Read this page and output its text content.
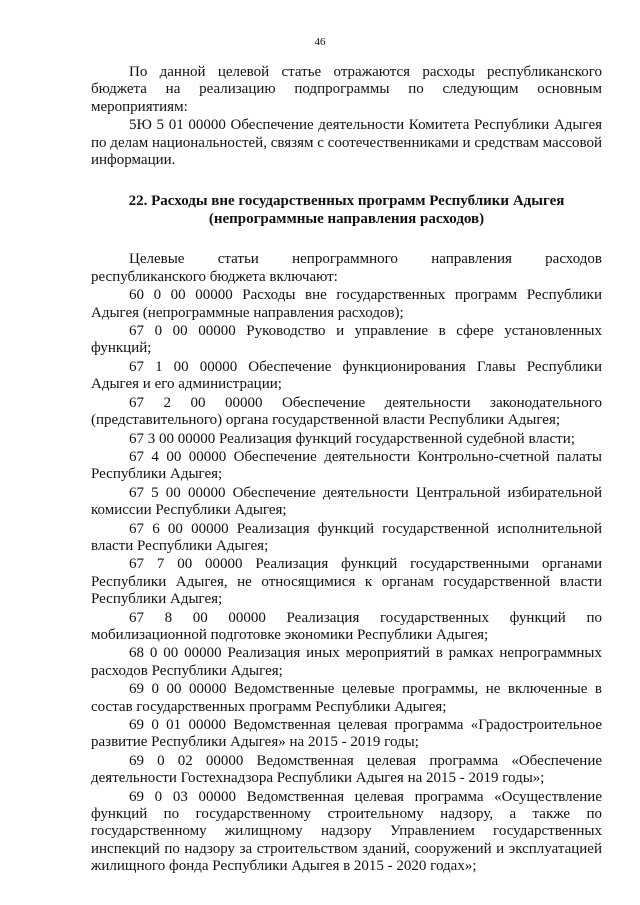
46

По данной целевой статье отражаются расходы республиканского бюджета на реализацию подпрограммы по следующим основным мероприятиям:

5Ю 5 01 00000 Обеспечение деятельности Комитета Республики Адыгея по делам национальностей, связям с соотечественниками и средствам массовой информации.

22. Расходы вне государственных программ Республики Адыгея
(непрограммные направления расходов)

Целевые статьи непрограммного направления расходов республиканского бюджета включают:

60 0 00 00000 Расходы вне государственных программ Республики Адыгея (непрограммные направления расходов);

67 0 00 00000 Руководство и управление в сфере установленных функций;

67 1 00 00000 Обеспечение функционирования Главы Республики Адыгея и его администрации;

67 2 00 00000 Обеспечение деятельности законодательного (представительного) органа государственной власти Республики Адыгея;

67 3 00 00000 Реализация функций государственной судебной власти;

67 4 00 00000 Обеспечение деятельности Контрольно-счетной палаты Республики Адыгея;

67 5 00 00000 Обеспечение деятельности Центральной избирательной комиссии Республики Адыгея;

67 6 00 00000 Реализация функций государственной исполнительной власти Республики Адыгея;

67 7 00 00000 Реализация функций государственными органами Республики Адыгея, не относящимися к органам государственной власти Республики Адыгея;

67 8 00 00000 Реализация государственных функций по мобилизационной подготовке экономики Республики Адыгея;

68 0 00 00000 Реализация иных мероприятий в рамках непрограммных расходов Республики Адыгея;

69 0 00 00000 Ведомственные целевые программы, не включенные в состав государственных программ Республики Адыгея;

69 0 01 00000 Ведомственная целевая программа «Градостроительное развитие Республики Адыгея» на 2015 - 2019 годы;

69 0 02 00000 Ведомственная целевая программа «Обеспечение деятельности Гостехнадзора Республики Адыгея на 2015 - 2019 годы»;

69 0 03 00000 Ведомственная целевая программа «Осуществление функций по государственному строительному надзору, а также по государственному жилищному надзору Управлением государственных инспекций по надзору за строительством зданий, сооружений и эксплуатацией жилищного фонда Республики Адыгея в 2015 - 2020 годах»;
